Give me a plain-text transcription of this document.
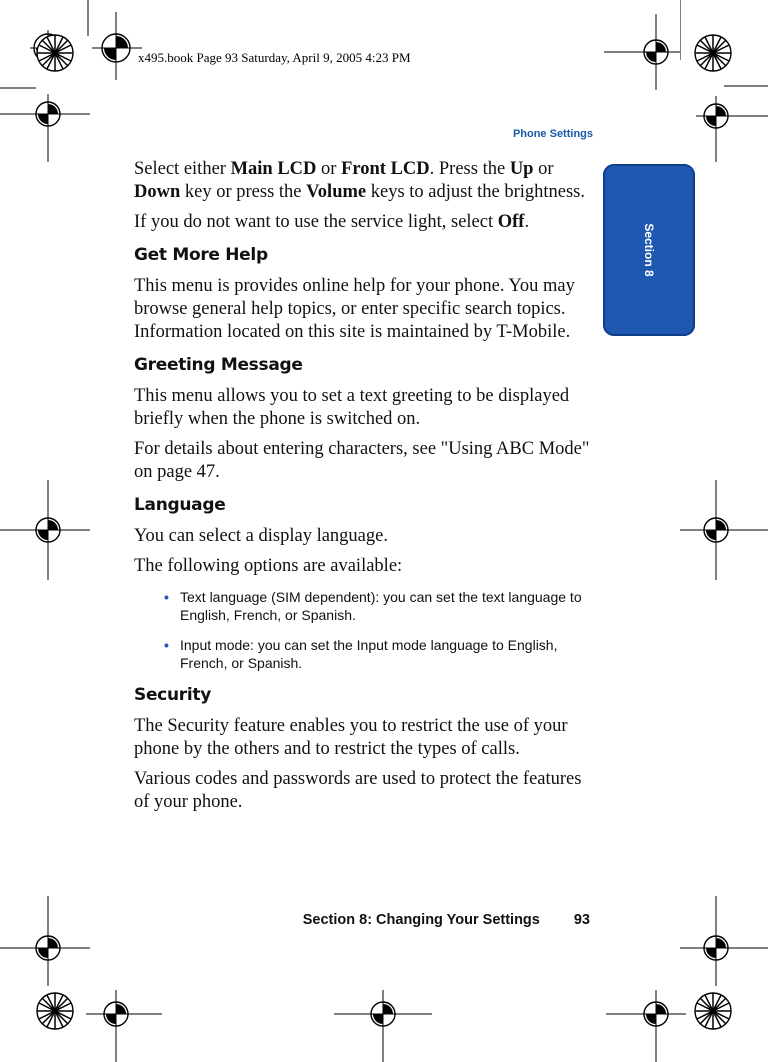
x495.book Page 93 Saturday, April 9, 2005 4:23 PM
Phone Settings
Section 8

Select either Main LCD or Front LCD. Press the Up or Down key or press the Volume keys to adjust the brightness.

If you do not want to use the service light, select Off.

Get More Help

This menu is provides online help for your phone. You may browse general help topics, or enter specific search topics. Information located on this site is maintained by T-Mobile.

Greeting Message

This menu allows you to set a text greeting to be displayed briefly when the phone is switched on.

For details about entering characters, see "Using ABC Mode" on page 47.

Language

You can select a display language.

The following options are available:

• Text language (SIM dependent): you can set the text language to English, French, or Spanish.
• Input mode: you can set the Input mode language to English, French, or Spanish.
Security

The Security feature enables you to restrict the use of your phone by the others and to restrict the types of calls.

Various codes and passwords are used to protect the features of your phone.

Section 8: Changing Your Settings 93
